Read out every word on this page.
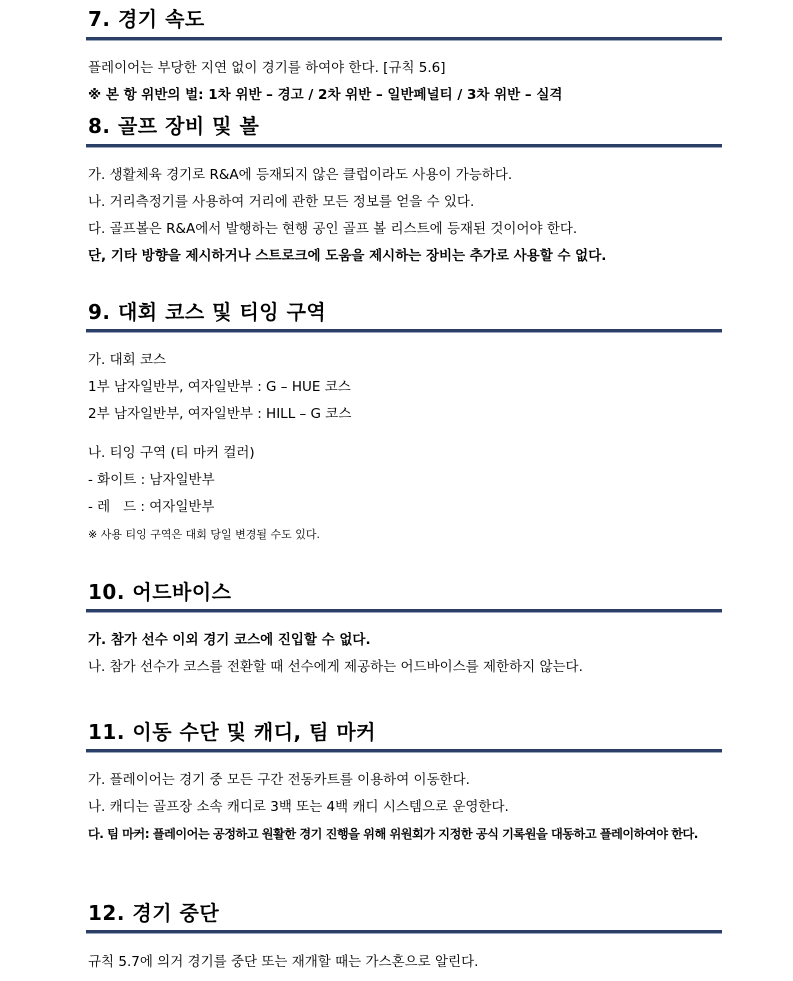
7. 경기 속도
플레이어는 부당한 지연 없이 경기를 하여야 한다. [규칙 5.6]
※ 본 항 위반의 벌: 1차 위반 – 경고 / 2차 위반 – 일반페널티 / 3차 위반 – 실격
8. 골프 장비 및 볼
가. 생활체육 경기로 R&A에 등재되지 않은 클럽이라도 사용이 가능하다.
나. 거리측정기를 사용하여 거리에 관한 모든 정보를 얻을 수 있다.
다. 골프볼은 R&A에서 발행하는 현행 공인 골프 볼 리스트에 등재된 것이어야 한다.
단, 기타 방향을 제시하거나 스트로크에 도움을 제시하는 장비는 추가로 사용할 수 없다.
9. 대회 코스 및 티잉 구역
가. 대회 코스
1부 남자일반부, 여자일반부 : G – HUE 코스
2부 남자일반부, 여자일반부 : HILL – G 코스
나. 티잉 구역 (티 마커 컬러)
- 화이트 : 남자일반부
- 레   드 : 여자일반부
※ 사용 티잉 구역은 대회 당일 변경될 수도 있다.
10. 어드바이스
가. 참가 선수 이외 경기 코스에 진입할 수 없다.
나. 참가 선수가 코스를 전환할 때 선수에게 제공하는 어드바이스를 제한하지 않는다.
11. 이동 수단 및 캐디, 팀 마커
가. 플레이어는 경기 중 모든 구간 전동카트를 이용하여 이동한다.
나. 캐디는 골프장 소속 캐디로 3백 또는 4백 캐디 시스템으로 운영한다.
다. 팀 마커: 플레이어는 공정하고 원활한 경기 진행을 위해 위원회가 지정한 공식 기록원을 대동하고 플레이하여야 한다.
12. 경기 중단
규칙 5.7에 의거 경기를 중단 또는 재개할 때는 가스혼으로 알린다.
